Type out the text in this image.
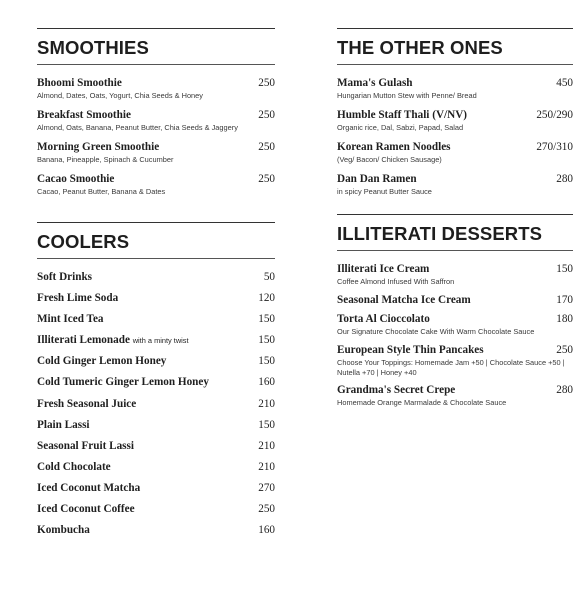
SMOOTHIES
Bhoomi Smoothie	250
Almond, Dates, Oats, Yogurt, Chia Seeds & Honey
Breakfast Smoothie	250
Almond, Oats, Banana, Peanut Butter, Chia Seeds & Jaggery
Morning Green Smoothie	250
Banana, Pineapple, Spinach & Cucumber
Cacao Smoothie	250
Cacao, Peanut Butter, Banana & Dates
COOLERS
Soft Drinks	50
Fresh Lime Soda	120
Mint Iced Tea	150
Illiterati Lemonade with a minty twist	150
Cold Ginger Lemon Honey	150
Cold Tumeric Ginger Lemon Honey	160
Fresh Seasonal Juice	210
Plain Lassi	150
Seasonal Fruit Lassi	210
Cold Chocolate	210
Iced Coconut Matcha	270
Iced Coconut Coffee	250
Kombucha	160
THE OTHER ONES
Mama's Gulash	450
Hungarian Mutton Stew with Penne/ Bread
Humble Staff Thali (V/NV)	250/290
Organic rice, Dal, Sabzi, Papad, Salad
Korean Ramen Noodles	270/310
(Veg/ Bacon/ Chicken Sausage)
Dan Dan Ramen	280
in spicy Peanut Butter Sauce
ILLITERATI DESSERTS
Illiterati Ice Cream	150
Coffee Almond Infused With Saffron
Seasonal Matcha Ice Cream	170
Torta Al Cioccolato	180
Our Signature Chocolate Cake With Warm Chocolate Sauce
European Style Thin Pancakes	250
Choose Your Toppings: Homemade Jam +50 | Chocolate Sauce +50 | Nutella +70 | Honey +40
Grandma's Secret Crepe	280
Homemade Orange Marmalade & Chocolate Sauce
